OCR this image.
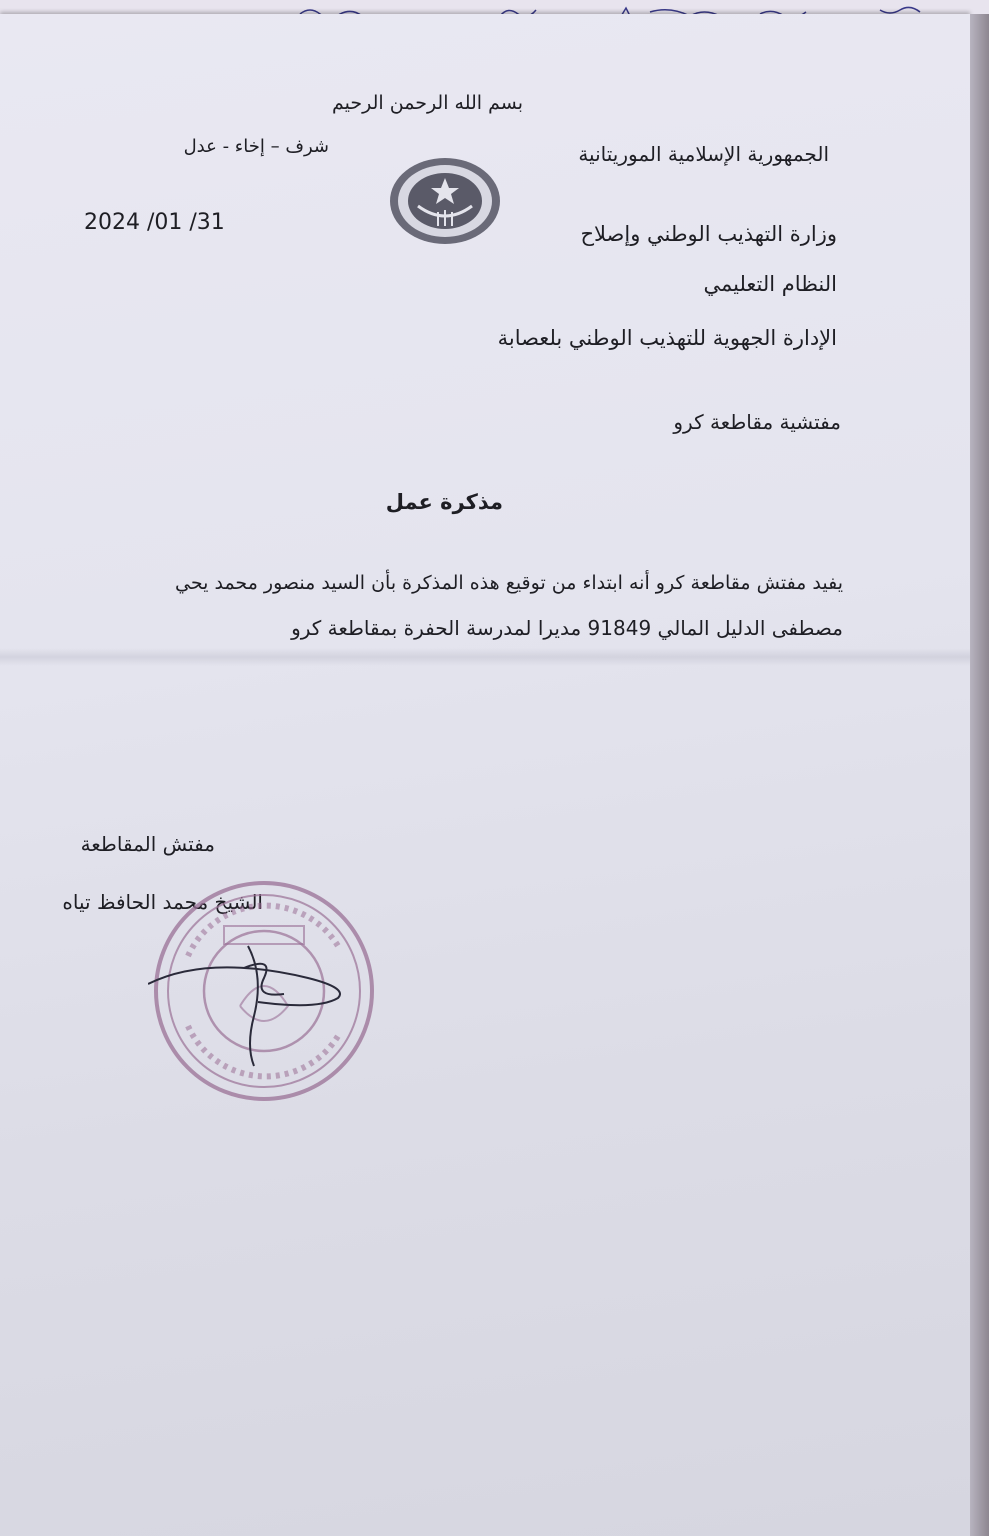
بسم الله الرحمن الرحيم
شرف – إخاء - عدل
2024 /01 /31
الجمهورية الإسلامية الموريتانية
وزارة التهذيب الوطني وإصلاح
النظام التعليمي
الإدارة الجهوية للتهذيب الوطني بلعصابة
مفتشية مقاطعة كرو
مذكرة عمل
يفيد مفتش مقاطعة كرو أنه ابتداء من توقيع هذه المذكرة بأن السيد منصور محمد يحي
مصطفى الدليل المالي 91849 مديرا لمدرسة الحفرة بمقاطعة كرو
مفتش المقاطعة
الشيخ محمد الحافظ تياه
